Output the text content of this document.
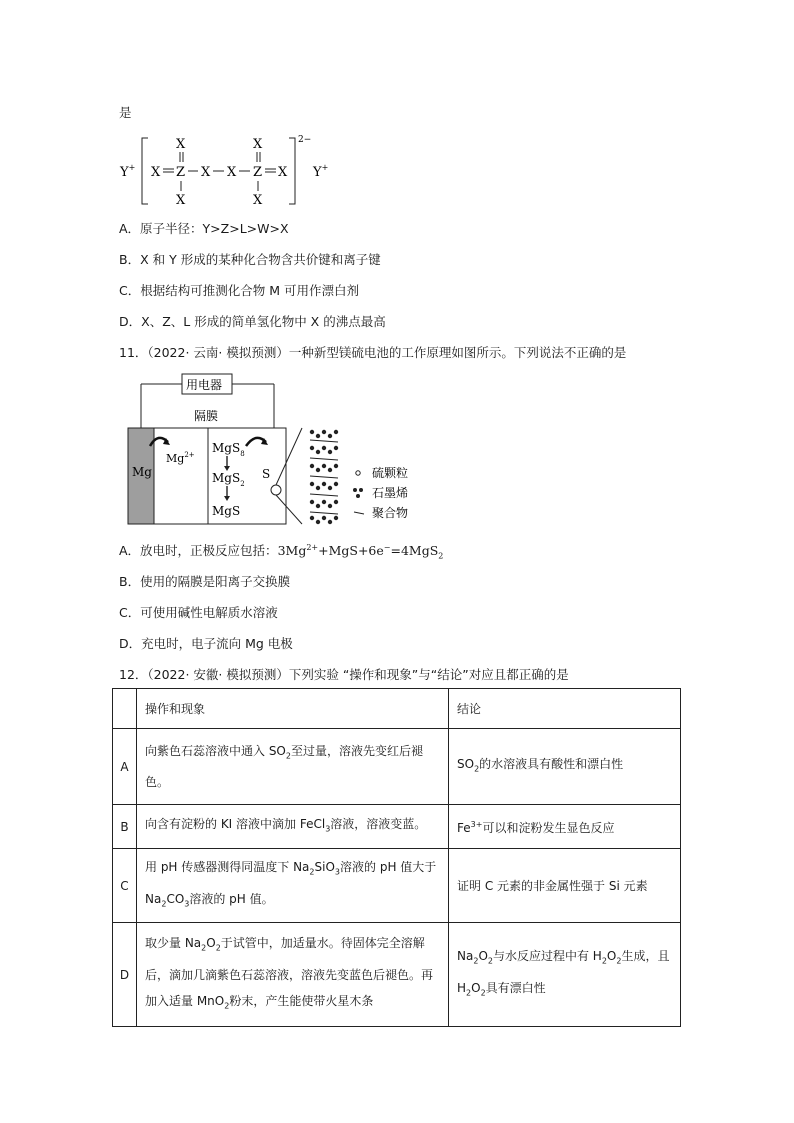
是
Y+
X
X Z
X
X X
X
Z
X
X
2−
Y+
A．原子半径：Y>Z>L>W>X
B．X 和 Y 形成的某种化合物含共价键和离子键
C．根据结构可推测化合物 M 可用作漂白剂
D．X、Z、L 形成的简单氢化物中 X 的沸点最高
11．（2022· 云南· 模拟预测）一种新型镁硫电池的工作原理如图所示。下列说法不正确的是
Mg
用电器
隔膜
$Mg^{2+}$ MgS$_8$
MgS$_2$
MgS
S	硫颗粒
石墨烯
聚合物
A．放电时，正极反应包括：$3Mg^{2+}+MgS+6e^-=4MgS_2$
B．使用的隔膜是阳离子交换膜
C．可使用碱性电解质水溶液
D．充电时，电子流向 Mg 电极
12．（2022· 安徽· 模拟预测）下列实验 “操作和现象”与“结论”对应且都正确的是
	操作和现象	结论
A	向紫色石蕊溶液中通入 $SO_2$至过量，溶液先变红后褪色。	$SO_2$的水溶液具有酸性和漂白性
B	向含有淀粉的 KI 溶液中滴加 FeCl$_3$溶液，溶液变蓝。	$Fe^{3+}$可以和淀粉发生显色反应
C	用 pH 传感器测得同温度下 $Na_2SiO_3$溶液的 pH 值大于 $Na_2CO_3$溶液的 pH 值。	证明 C 元素的非金属性强于 Si 元素
D	取少量 $Na_2O_2$于试管中，加适量水。待固体完全溶解后，滴加几滴紫色石蕊溶液，溶液先变蓝色后褪色。再加入适量 MnO$_2$粉末，产生能使带火星木条	$Na_2O_2$与水反应过程中有 $H_2O_2$生成，且 $H_2O_2$具有漂白性
